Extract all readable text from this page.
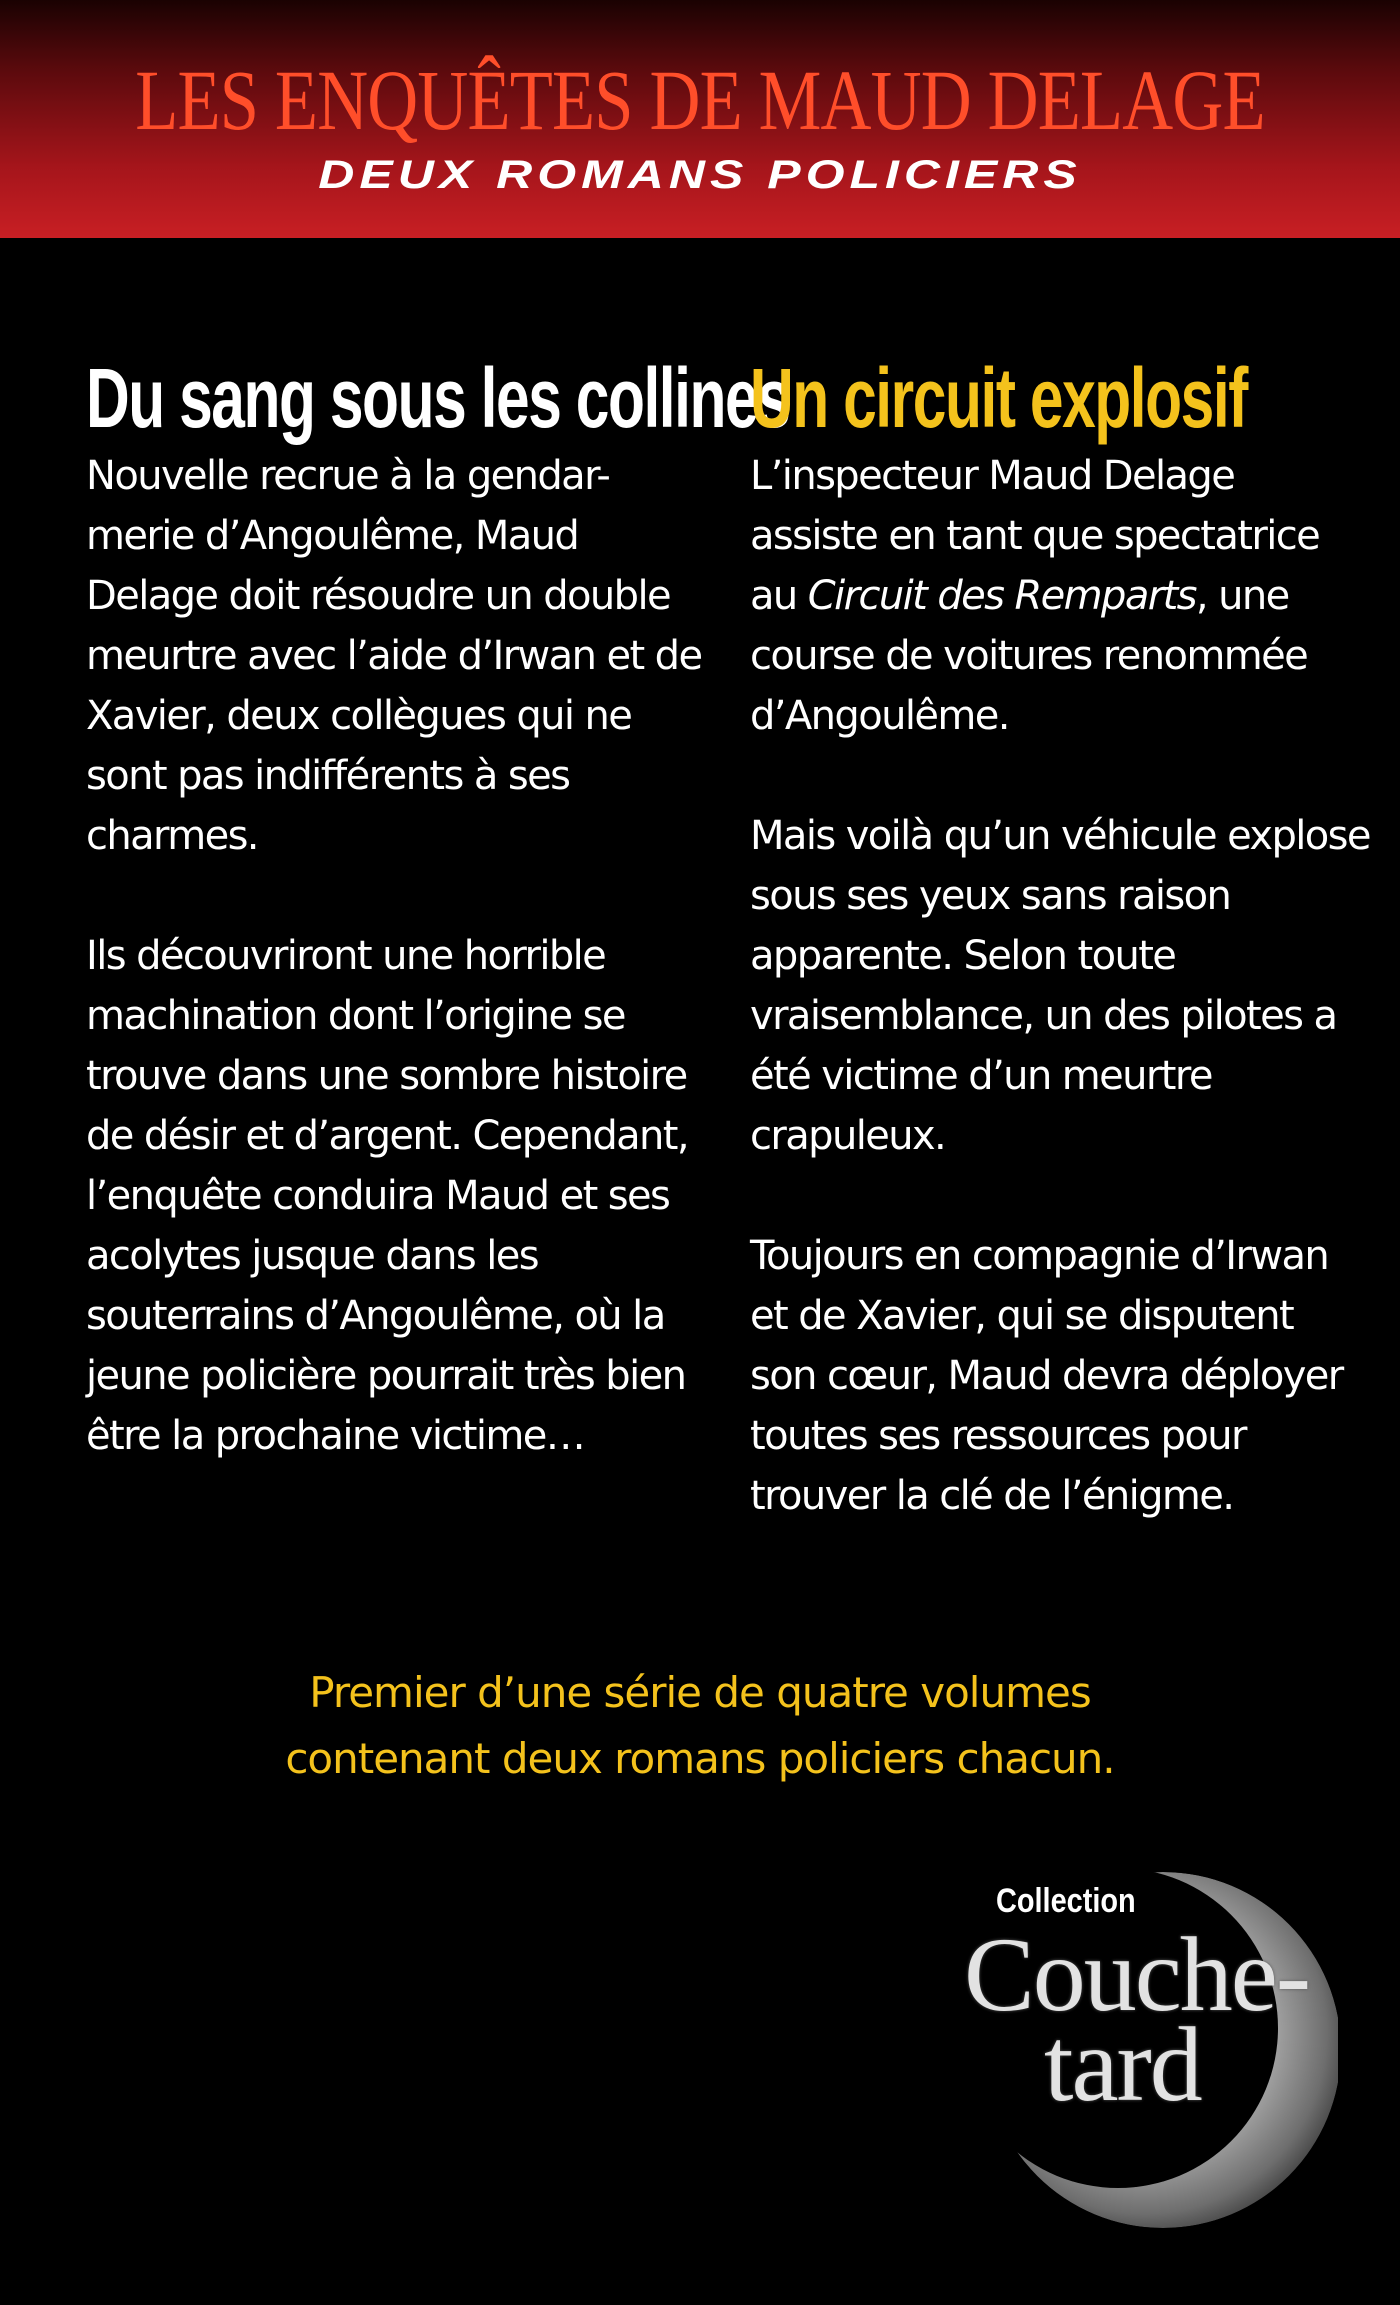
LES ENQUÊTES DE MAUD DELAGE
DEUX ROMANS POLICIERS
Du sang sous les collines

Nouvelle recrue à la gendar-merie d’Angoulême, Maud Delage doit résoudre un double meurtre avec l’aide d’Irwan et de Xavier, deux collègues qui ne sont pas indifférents à ses charmes.

Ils découvriront une horrible machination dont l’origine se trouve dans une sombre histoire de désir et d’argent. Cependant, l’enquête conduira Maud et ses acolytes jusque dans les souterrains d’Angoulême, où la jeune policière pourrait très bien être la prochaine victime…

Un circuit explosif

L’inspecteur Maud Delage assiste en tant que spectatrice au Circuit des Remparts, une course de voitures renommée d’Angoulême.

Mais voilà qu’un véhicule explose sous ses yeux sans raison apparente. Selon toute vraisemblance, un des pilotes a été victime d’un meurtre crapuleux.

Toujours en compagnie d’Irwan et de Xavier, qui se disputent son cœur, Maud devra déployer toutes ses ressources pour trouver la clé de l’énigme.

Premier d’une série de quatre volumes
contenant deux romans policiers chacun.
Collection
Couche-
tard
